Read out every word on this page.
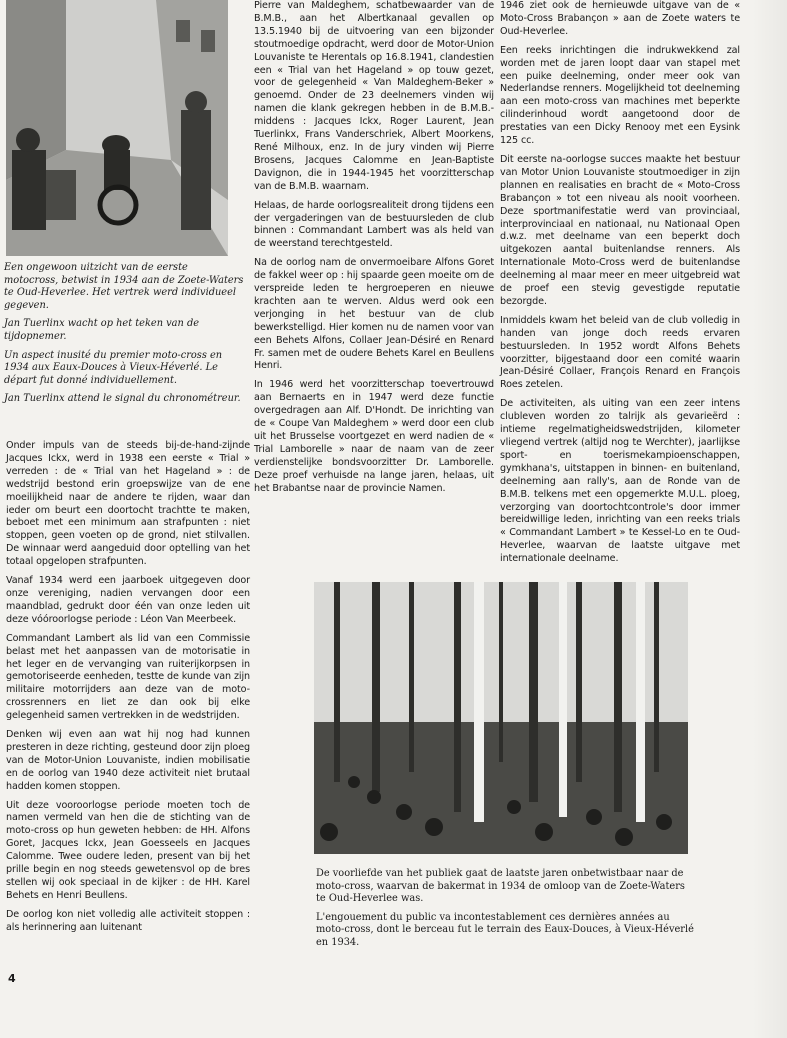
Een ongewoon uitzicht van de eerste motocross, betwist in 1934 aan de Zoete-Waters te Oud-Heverlee. Het vertrek werd individueel gegeven.

Jan Tuerlinx wacht op het teken van de tijdopnemer.

Un aspect inusité du premier moto-cross en 1934 aux Eaux-Douces à Vieux-Héverlé. Le départ fut donné individuellement.

Jan Tuerlinx attend le signal du chronométreur.

Onder impuls van de steeds bij-de-hand-zijnde Jacques Ickx, werd in 1938 een eerste « Trial » verreden : de « Trial van het Hageland » : de wedstrijd bestond erin groepswijze van de ene moeilijkheid naar de andere te rijden, waar dan ieder om beurt een doortocht trachtte te maken, beboet met een minimum aan strafpunten : niet stoppen, geen voeten op de grond, niet stilvallen. De winnaar werd aangeduid door optelling van het totaal opgelopen strafpunten.

Vanaf 1934 werd een jaarboek uitgegeven door onze vereniging, nadien vervangen door een maandblad, gedrukt door één van onze leden uit deze vóóroorlogse periode : Léon Van Meerbeek.

Commandant Lambert als lid van een Commissie belast met het aanpassen van de motorisatie in het leger en de vervanging van ruiterijkorpsen in gemotoriseerde eenheden, testte de kunde van zijn militaire motorrijders aan deze van de moto-crossrenners en liet ze dan ook bij elke gelegenheid samen vertrekken in de wedstrijden.

Denken wij even aan wat hij nog had kunnen presteren in deze richting, gesteund door zijn ploeg van de Motor-Union Louvaniste, indien mobilisatie en de oorlog van 1940 deze activiteit niet brutaal hadden komen stoppen.

Uit deze vooroorlogse periode moeten toch de namen vermeld van hen die de stichting van de moto-cross op hun geweten hebben: de HH. Alfons Goret, Jacques Ickx, Jean Goesseels en Jacques Calomme. Twee oudere leden, present van bij het prille begin en nog steeds gewetensvol op de bres stellen wij ook speciaal in de kijker : de HH. Karel Behets en Henri Beullens.

De oorlog kon niet volledig alle activiteit stoppen : als herinnering aan luitenant

Pierre van Maldeghem, schatbewaarder van de B.M.B., aan het Albertkanaal gevallen op 13.5.1940 bij de uitvoering van een bijzonder stoutmoedige opdracht, werd door de Motor-Union Louvaniste te Herentals op 16.8.1941, clandestien een « Trial van het Hageland » op touw gezet, voor de gelegenheid « Van Maldeghem-Beker » genoemd. Onder de 23 deelnemers vinden wij namen die klank gekregen hebben in de B.M.B.-middens : Jacques Ickx, Roger Laurent, Jean Tuerlinkx, Frans Vanderschriek, Albert Moorkens, René Milhoux, enz. In de jury vinden wij Pierre Brosens, Jacques Calomme en Jean-Baptiste Davignon, die in 1944-1945 het voorzitterschap van de B.M.B. waarnam.

Helaas, de harde oorlogsrealiteit drong tijdens een der vergaderingen van de bestuursleden de club binnen : Commandant Lambert was als held van de weerstand terechtgesteld.

Na de oorlog nam de onvermoeibare Alfons Goret de fakkel weer op : hij spaarde geen moeite om de verspreide leden te hergroeperen en nieuwe krachten aan te werven. Aldus werd ook een verjonging in het bestuur van de club bewerkstelligd. Hier komen nu de namen voor van een Behets Alfons, Collaer Jean-Désiré en Renard Fr. samen met de oudere Behets Karel en Beullens Henri.

In 1946 werd het voorzitterschap toevertrouwd aan Bernaerts en in 1947 werd deze functie overgedragen aan Alf. D'Hondt. De inrichting van de « Coupe Van Maldeghem » werd door een club uit het Brusselse voortgezet en werd nadien de « Trial Lamborelle » naar de naam van de zeer verdienstelijke bondsvoorzitter Dr. Lamborelle. Deze proef verhuisde na lange jaren, helaas, uit het Brabantse naar de provincie Namen.

1946 ziet ook de hernieuwde uitgave van de « Moto-Cross Brabançon » aan de Zoete waters te Oud-Heverlee.

Een reeks inrichtingen die indrukwekkend zal worden met de jaren loopt daar van stapel met een puike deelneming, onder meer ook van Nederlandse renners. Mogelijkheid tot deelneming aan een moto-cross van machines met beperkte cilinderinhoud wordt aangetoond door de prestaties van een Dicky Renooy met een Eysink 125 cc.

Dit eerste na-oorlogse succes maakte het bestuur van Motor Union Louvaniste stoutmoediger in zijn plannen en realisaties en bracht de « Moto-Cross Brabançon » tot een niveau als nooit voorheen. Deze sportmanifestatie werd van provinciaal, interprovinciaal en nationaal, nu Nationaal Open d.w.z. met deelname van een beperkt doch uitgekozen aantal buitenlandse renners. Als Internationale Moto-Cross werd de buitenlandse deelneming al maar meer en meer uitgebreid wat de proef een stevig gevestigde reputatie bezorgde.

Inmiddels kwam het beleid van de club volledig in handen van jonge doch reeds ervaren bestuursleden. In 1952 wordt Alfons Behets voorzitter, bijgestaand door een comité waarin Jean-Désiré Collaer, François Renard en François Roes zetelen.

De activiteiten, als uiting van een zeer intens clubleven worden zo talrijk als gevarieërd : intieme regelmatigheidswedstrijden, kilometer vliegend vertrek (altijd nog te Werchter), jaarlijkse sport- en toerismekampioenschappen, gymkhana's, uitstappen in binnen- en buitenland, deelneming aan rally's, aan de Ronde van de B.M.B. telkens met een opgemerkte M.U.L. ploeg, verzorging van doortochtcontrole's door immer bereidwillige leden, inrichting van een reeks trials « Commandant Lambert » te Kessel-Lo en te Oud-Heverlee, waarvan de laatste uitgave met internationale deelname.

De voorliefde van het publiek gaat de laatste jaren onbetwistbaar naar de moto-cross, waarvan de bakermat in 1934 de omloop van de Zoete-Waters te Oud-Heverlee was.

L'engouement du public va incontestablement ces dernières années au moto-cross, dont le berceau fut le terrain des Eaux-Douces, à Vieux-Héverlé en 1934.

4
